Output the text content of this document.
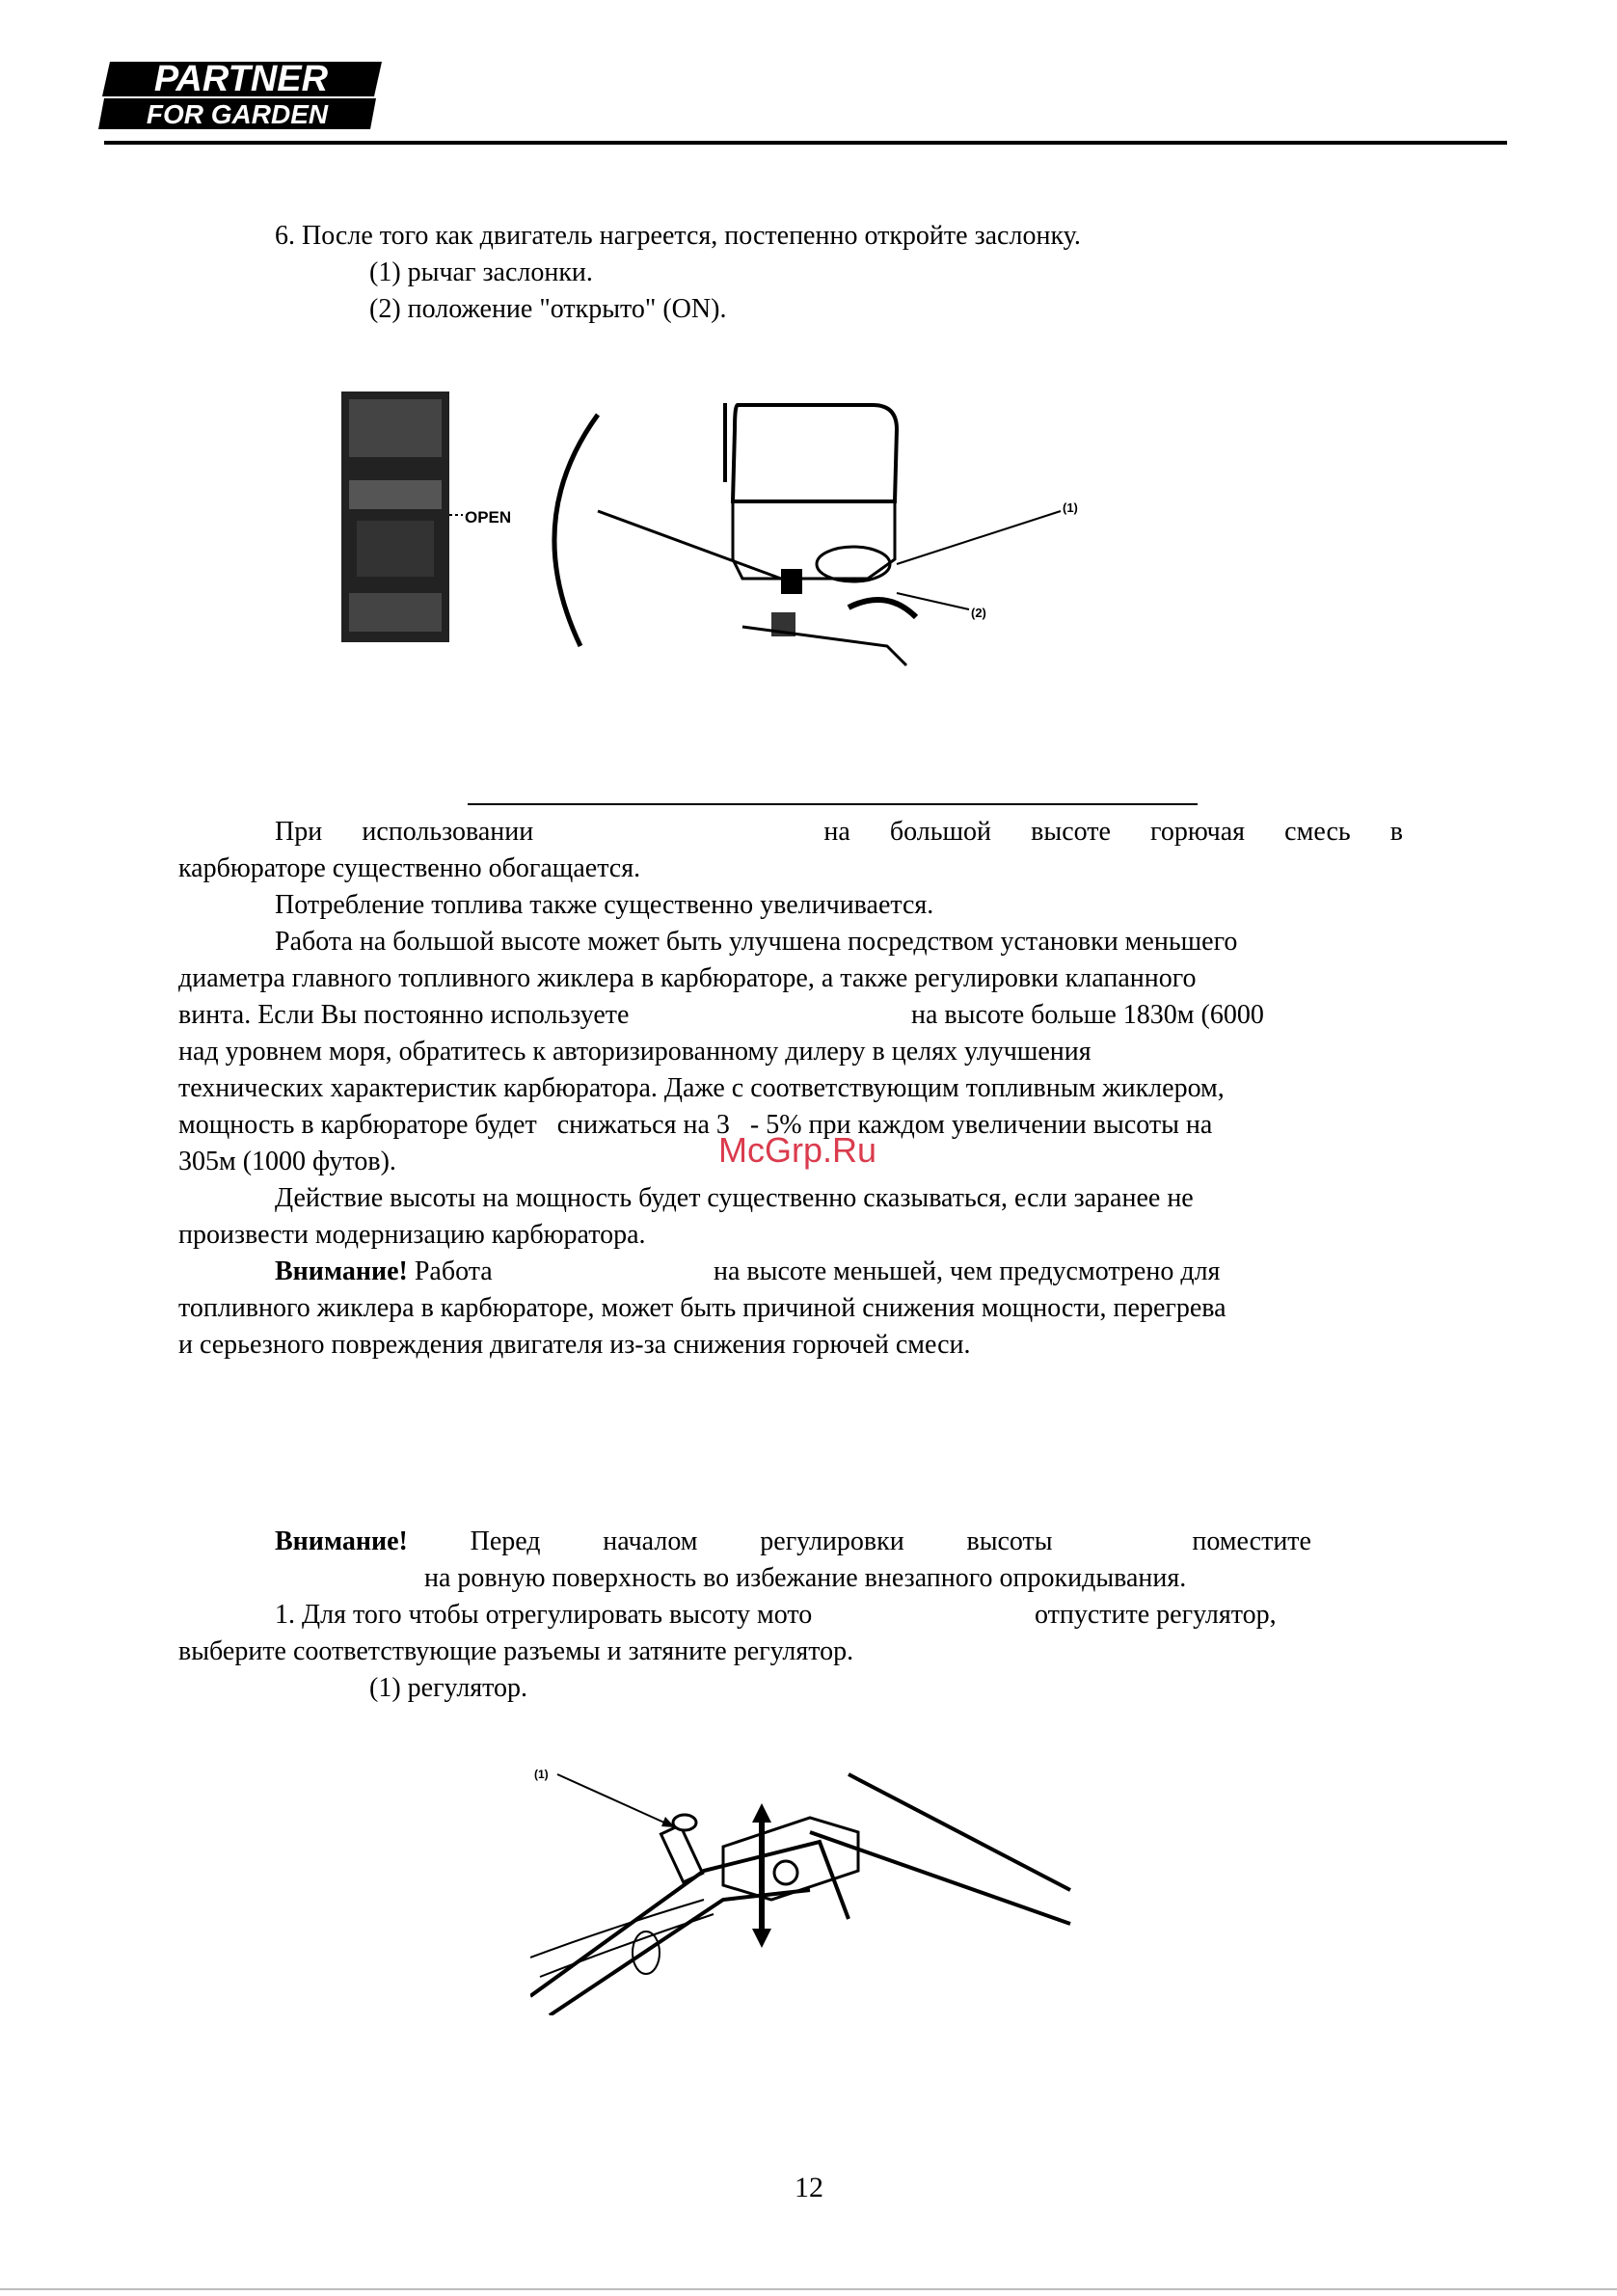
PARTNER
FOR GARDEN
6. После того как двигатель нагреется, постепенно откройте заслонку.
(1) рычаг заслонки.
(2) положение "открыто" (ON).
OPEN
(1)
(2)
При использовании	на большой высоте горючая смесь в
карбюраторе существенно обогащается.
Потребление топлива также существенно увеличивается.
Работа на большой высоте может быть улучшена посредством установки меньшего
диаметра главного топливного жиклера в карбюраторе, а также регулировки клапанного
винта. Если Вы постоянно используете	на высоте больше 1830м (6000
над уровнем моря, обратитесь к авторизированному дилеру в целях улучшения
технических характеристик карбюратора. Даже с соответствующим топливным жиклером,
мощность в карбюраторе будет   снижаться на 3   - 5% при каждом увеличении высоты на
305м (1000 футов).
Действие высоты на мощность будет существенно сказываться, если заранее не
произвести модернизацию карбюратора.
Внимание! Работа	на высоте меньшей, чем предусмотрено для
топливного жиклера в карбюраторе, может быть причиной снижения мощности, перегрева
и серьезного повреждения двигателя из-за снижения горючей смеси.
McGrp.Ru
Внимание! Перед началом регулировки высоты	поместите
на ровную поверхность во избежание внезапного опрокидывания.
1. Для того чтобы отрегулировать высоту мото	отпустите регулятор,
выберите соответствующие разъемы и затяните регулятор.
(1) регулятор.
(1)
12
